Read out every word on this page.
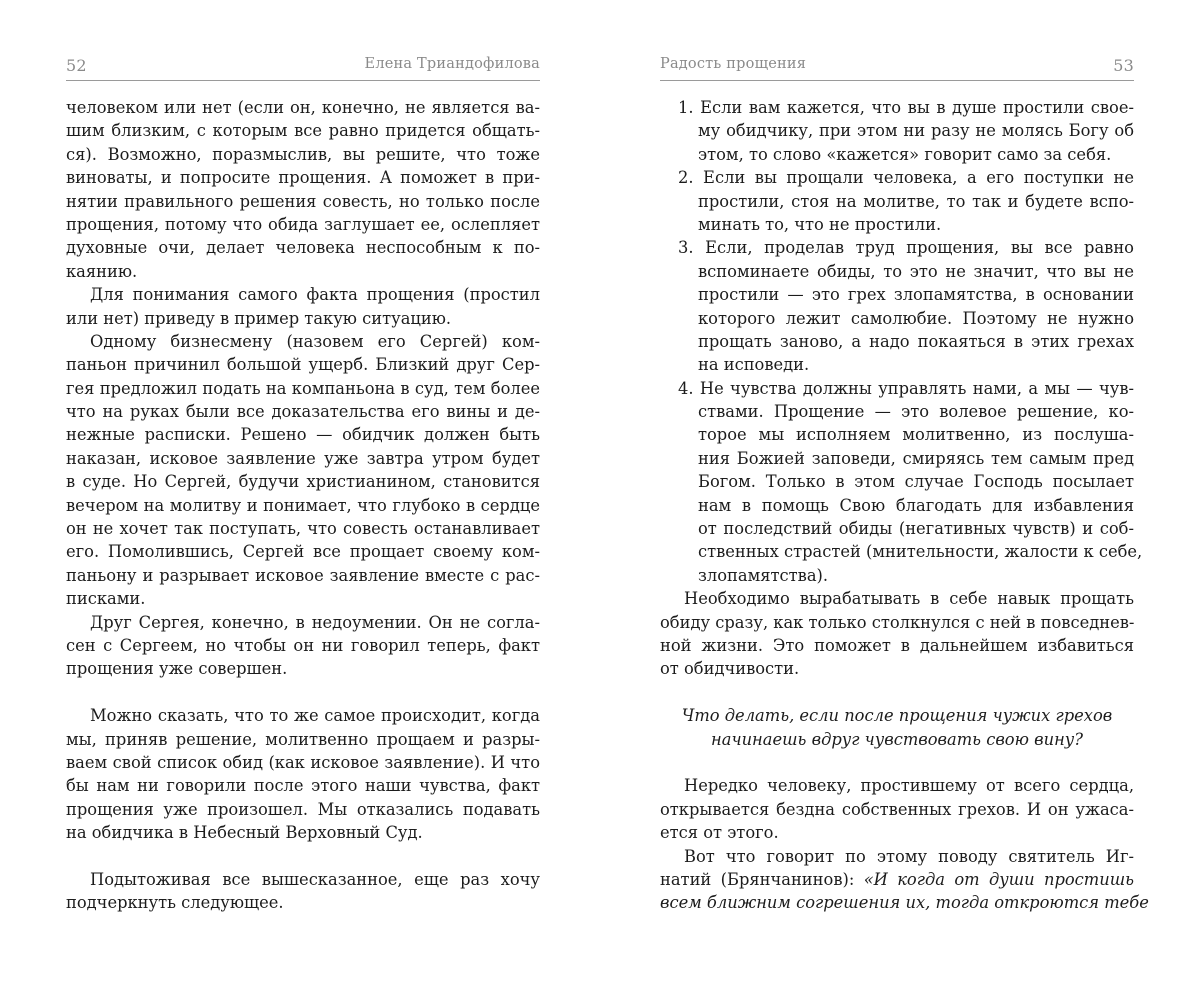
52	Елена Триандофилова
человеком или нет (если он, конечно, не является ва-
шим близким, с которым все равно придется общать-
ся). Возможно, поразмыслив, вы решите, что тоже
виноваты, и попросите прощения. А поможет в при-
нятии правильного решения совесть, но только после
прощения, потому что обида заглушает ее, ослепляет
духовные очи, делает человека неспособным к по-
каянию.
Для понимания самого факта прощения (простил
или нет) приведу в пример такую ситуацию.
Одному бизнесмену (назовем его Сергей) ком-
паньон причинил большой ущерб. Близкий друг Сер-
гея предложил подать на компаньона в суд, тем более
что на руках были все доказательства его вины и де-
нежные расписки. Решено — обидчик должен быть
наказан, исковое заявление уже завтра утром будет
в суде. Но Сергей, будучи христианином, становится
вечером на молитву и понимает, что глубоко в сердце
он не хочет так поступать, что совесть останавливает
его. Помолившись, Сергей все прощает своему ком-
паньону и разрывает исковое заявление вместе с рас-
писками.
Друг Сергея, конечно, в недоумении. Он не согла-
сен с Сергеем, но чтобы он ни говорил теперь, факт
прощения уже совершен.
Можно сказать, что то же самое происходит, когда
мы, приняв решение, молитвенно прощаем и разры-
ваем свой список обид (как исковое заявление). И что
бы нам ни говорили после этого наши чувства, факт
прощения уже произошел. Мы отказались подавать
на обидчика в Небесный Верховный Суд.
Подытоживая все вышесказанное, еще раз хочу
подчеркнуть следующее.
Радость прощения	53
1. Если вам кажется, что вы в душе простили свое-
му обидчику, при этом ни разу не молясь Богу об
этом, то слово «кажется» говорит само за себя.
2. Если вы прощали человека, а его поступки не
простили, стоя на молитве, то так и будете вспо-
минать то, что не простили.
3. Если, проделав труд прощения, вы все равно
вспоминаете обиды, то это не значит, что вы не
простили — это грех злопамятства, в основании
которого лежит самолюбие. Поэтому не нужно
прощать заново, а надо покаяться в этих грехах
на исповеди.
4. Не чувства должны управлять нами, а мы — чув-
ствами. Прощение — это волевое решение, ко-
торое мы исполняем молитвенно, из послуша-
ния Божией заповеди, смиряясь тем самым пред
Богом. Только в этом случае Господь посылает
нам в помощь Свою благодать для избавления
от последствий обиды (негативных чувств) и соб-
ственных страстей (мнительности, жалости к себе,
злопамятства).
Необходимо вырабатывать в себе навык прощать
обиду сразу, как только столкнулся с ней в повседнев-
ной жизни. Это поможет в дальнейшем избавиться
от обидчивости.
Что делать, если после прощения чужих грехов
начинаешь вдруг чувствовать свою вину?
Нередко человеку, простившему от всего сердца,
открывается бездна собственных грехов. И он ужаса-
ется от этого.
Вот что говорит по этому поводу святитель Иг-
натий (Брянчанинов): «И когда от души простишь
всем ближним согрешения их, тогда откроются тебе
